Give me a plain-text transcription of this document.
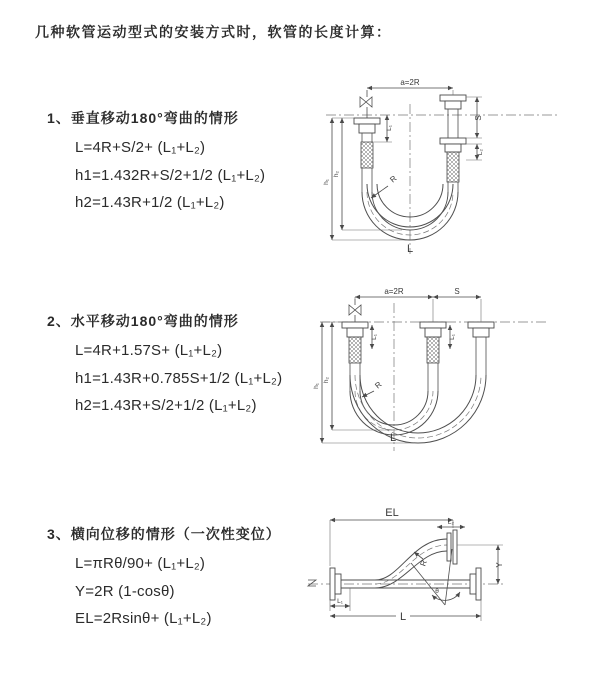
几种软管运动型式的安装方式时，软管的长度计算：
1、垂直移动180°弯曲的情形
L=4R+S/2+ (L₁+L₂)
h1=1.432R+S/2+1/2 (L₁+L₂)
h2=1.43R+1/2 (L₁+L₂)
2、水平移动180°弯曲的情形
L=4R+1.57S+ (L₁+L₂)
h1=1.43R+0.785S+1/2 (L₁+L₂)
h2=1.43R+S/2+1/2 (L₁+L₂)
3、横向位移的情形（一次性变位）
L=πRθ/90+ (L₁+L₂)
Y=2R (1-cosθ)
EL=2Rsinθ+ (L₁+L₂)
a=2R
S
L₂
L₁
h₁
h₂	R
L
a=2R	S
L₁	L₁
h₁
h₂	R
L
EL
L₂
Y
L₁
L
R
θ
